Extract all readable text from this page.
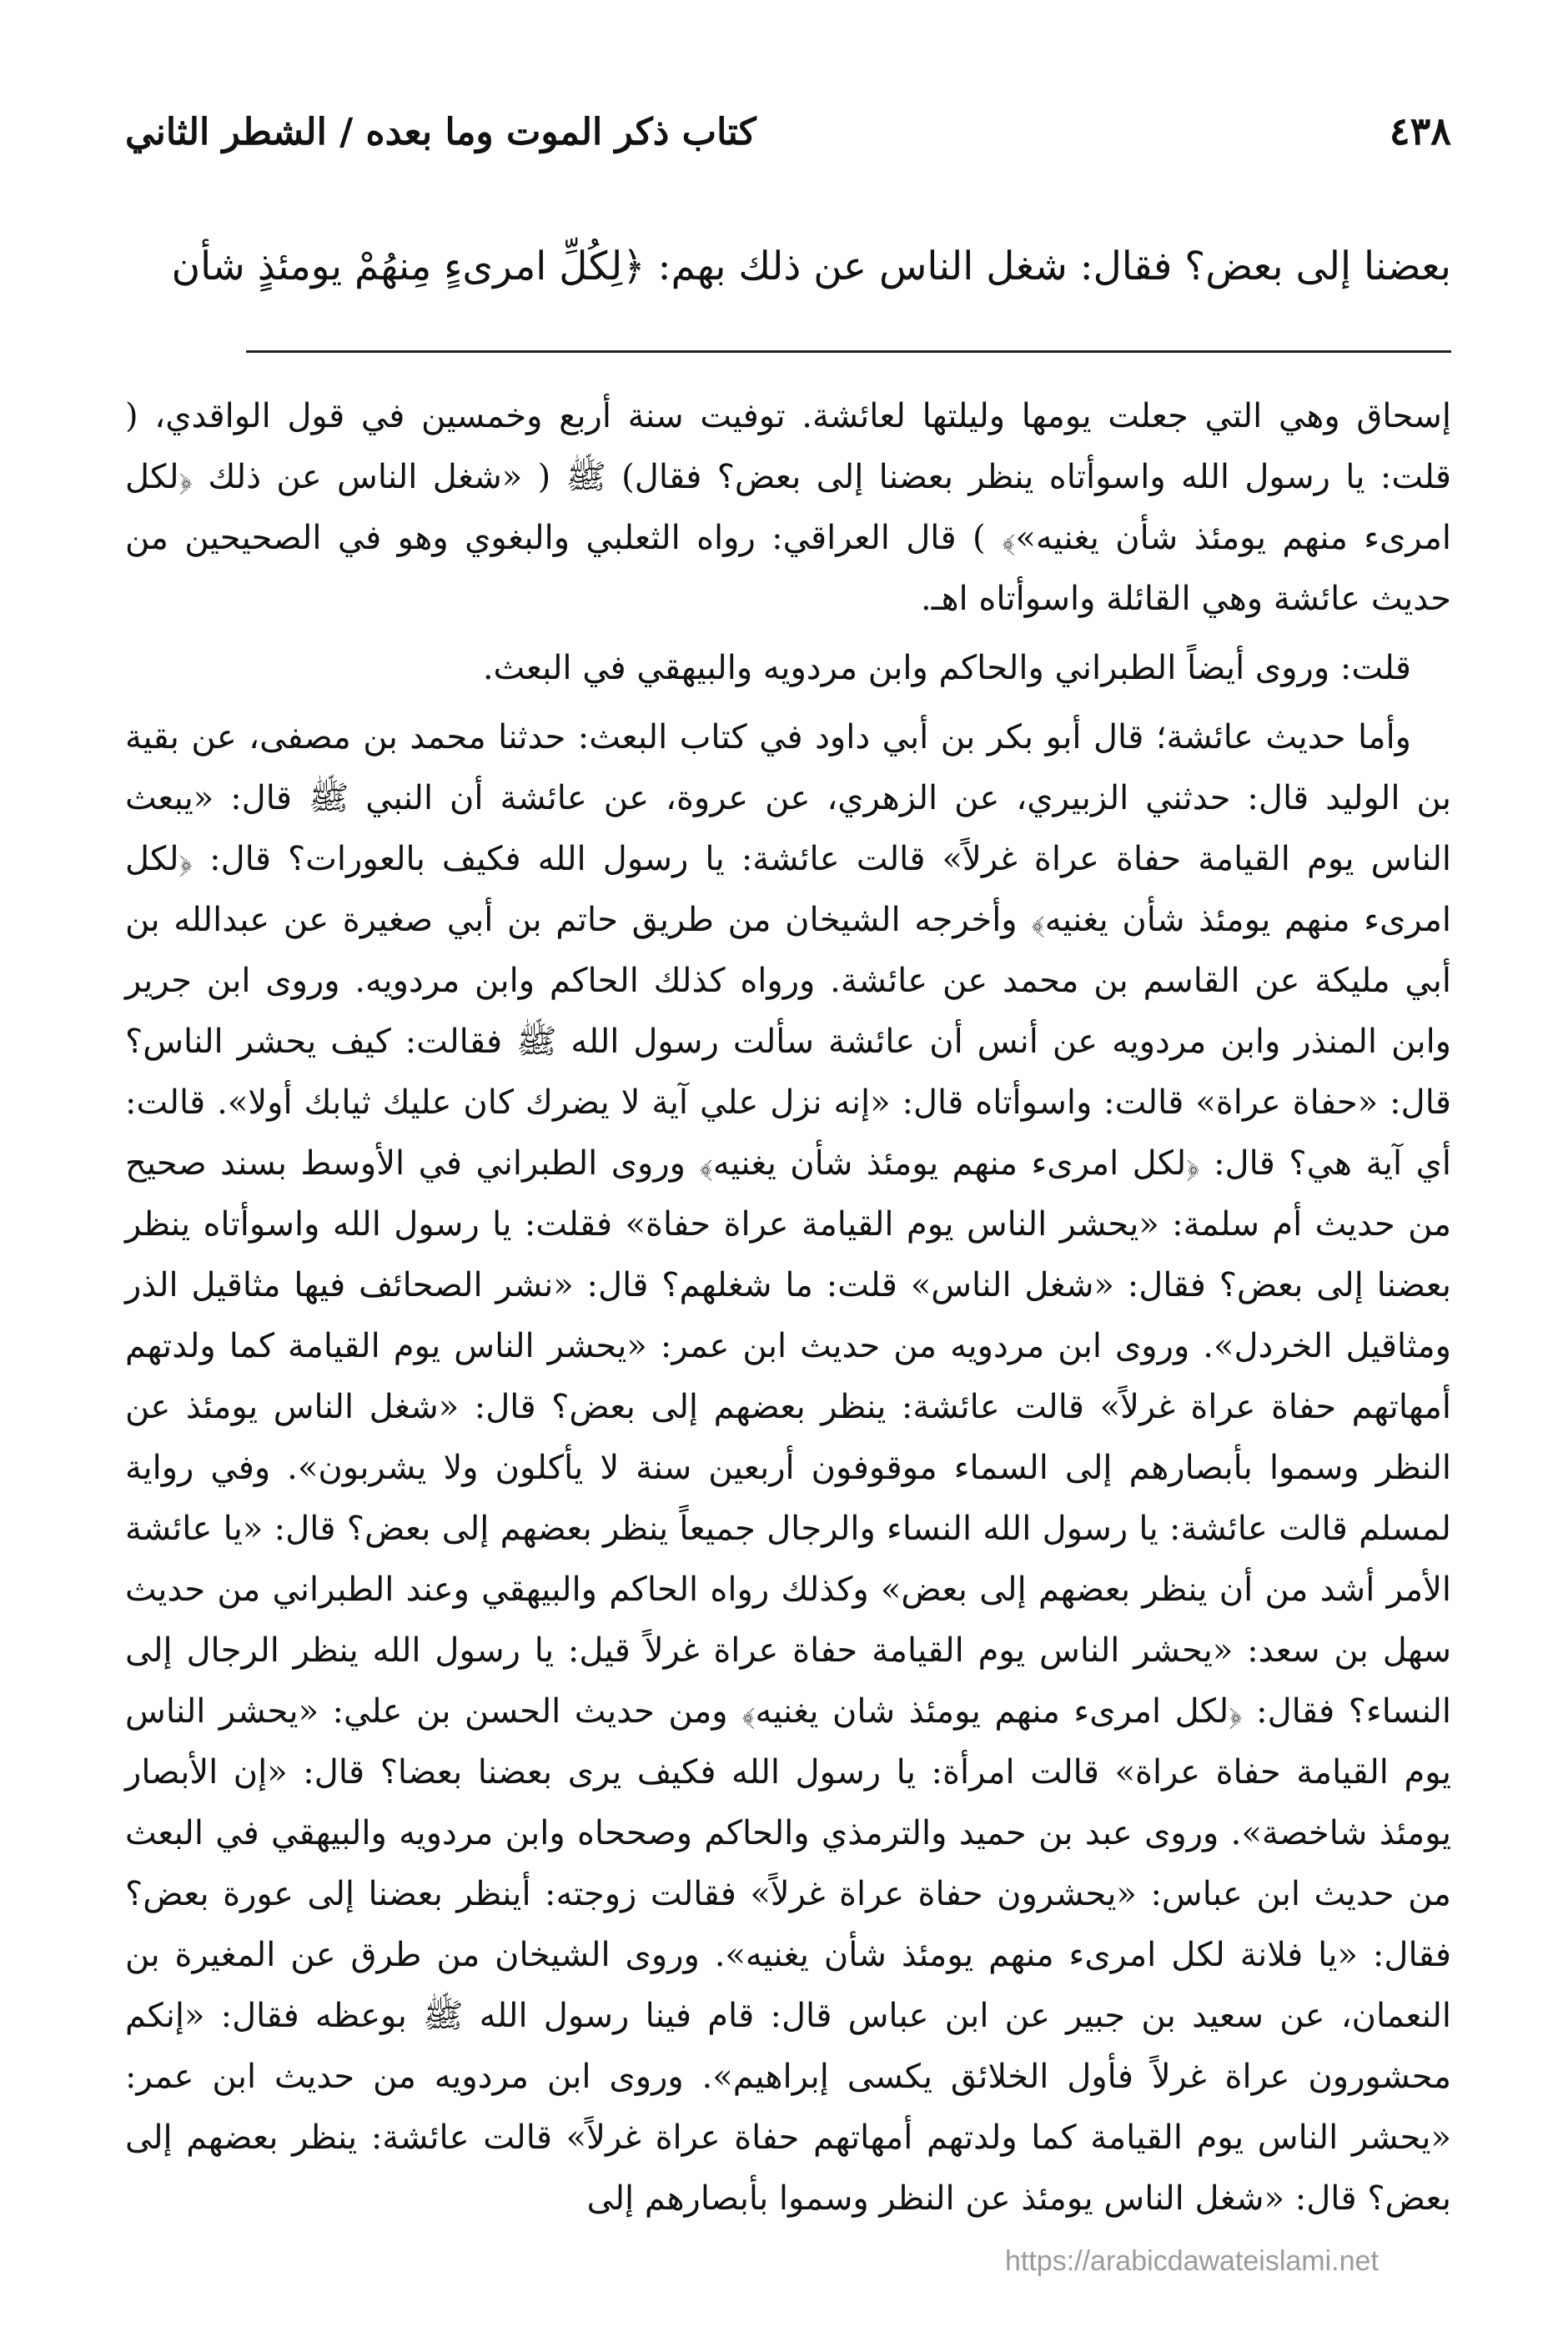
٤٣٨
كتاب ذكر الموت وما بعده / الشطر الثاني
بعضنا إلى بعض؟ فقال: شغل الناس عن ذلك بهم: ﴿لِكُلِّ امرىءٍ مِنهُمْ يومئذٍ شأن

إسحاق وهي التي جعلت يومها وليلتها لعائشة. توفيت سنة أربع وخمسين في قول الواقدي، ( قلت: يا رسول الله واسوأتاه ينظر بعضنا إلى بعض؟ فقال) ﷺ ( «شغل الناس عن ذلك ﴿لكل امرىء منهم يومئذ شأن يغنيه»﴾ ) قال العراقي: رواه الثعلبي والبغوي وهو في الصحيحين من حديث عائشة وهي القائلة واسوأتاه اهـ.

قلت: وروى أيضاً الطبراني والحاكم وابن مردويه والبيهقي في البعث.

وأما حديث عائشة؛ قال أبو بكر بن أبي داود في كتاب البعث: حدثنا محمد بن مصفى، عن بقية بن الوليد قال: حدثني الزبيري، عن الزهري، عن عروة، عن عائشة أن النبي ﷺ قال: «يبعث الناس يوم القيامة حفاة عراة غرلاً» قالت عائشة: يا رسول الله فكيف بالعورات؟ قال: ﴿لكل امرىء منهم يومئذ شأن يغنيه﴾ وأخرجه الشيخان من طريق حاتم بن أبي صغيرة عن عبدالله بن أبي مليكة عن القاسم بن محمد عن عائشة. ورواه كذلك الحاكم وابن مردويه. وروى ابن جرير وابن المنذر وابن مردويه عن أنس أن عائشة سألت رسول الله ﷺ فقالت: كيف يحشر الناس؟ قال: «حفاة عراة» قالت: واسوأتاه قال: «إنه نزل علي آية لا يضرك كان عليك ثيابك أولا». قالت: أي آية هي؟ قال: ﴿لكل امرىء منهم يومئذ شأن يغنيه﴾ وروى الطبراني في الأوسط بسند صحيح من حديث أم سلمة: «يحشر الناس يوم القيامة عراة حفاة» فقلت: يا رسول الله واسوأتاه ينظر بعضنا إلى بعض؟ فقال: «شغل الناس» قلت: ما شغلهم؟ قال: «نشر الصحائف فيها مثاقيل الذر ومثاقيل الخردل». وروى ابن مردويه من حديث ابن عمر: «يحشر الناس يوم القيامة كما ولدتهم أمهاتهم حفاة عراة غرلاً» قالت عائشة: ينظر بعضهم إلى بعض؟ قال: «شغل الناس يومئذ عن النظر وسموا بأبصارهم إلى السماء موقوفون أربعين سنة لا يأكلون ولا يشربون». وفي رواية لمسلم قالت عائشة: يا رسول الله النساء والرجال جميعاً ينظر بعضهم إلى بعض؟ قال: «يا عائشة الأمر أشد من أن ينظر بعضهم إلى بعض» وكذلك رواه الحاكم والبيهقي وعند الطبراني من حديث سهل بن سعد: «يحشر الناس يوم القيامة حفاة عراة غرلاً قيل: يا رسول الله ينظر الرجال إلى النساء؟ فقال: ﴿لكل امرىء منهم يومئذ شان يغنيه﴾ ومن حديث الحسن بن علي: «يحشر الناس يوم القيامة حفاة عراة» قالت امرأة: يا رسول الله فكيف يرى بعضنا بعضا؟ قال: «إن الأبصار يومئذ شاخصة». وروى عبد بن حميد والترمذي والحاكم وصححاه وابن مردويه والبيهقي في البعث من حديث ابن عباس: «يحشرون حفاة عراة غرلاً» فقالت زوجته: أينظر بعضنا إلى عورة بعض؟ فقال: «يا فلانة لكل امرىء منهم يومئذ شأن يغنيه». وروى الشيخان من طرق عن المغيرة بن النعمان، عن سعيد بن جبير عن ابن عباس قال: قام فينا رسول الله ﷺ بوعظه فقال: «إنكم محشورون عراة غرلاً فأول الخلائق يكسى إبراهيم». وروى ابن مردويه من حديث ابن عمر: «يحشر الناس يوم القيامة كما ولدتهم أمهاتهم حفاة عراة غرلاً» قالت عائشة: ينظر بعضهم إلى بعض؟ قال: «شغل الناس يومئذ عن النظر وسموا بأبصارهم إلى

https://arabicdawateislami.net
